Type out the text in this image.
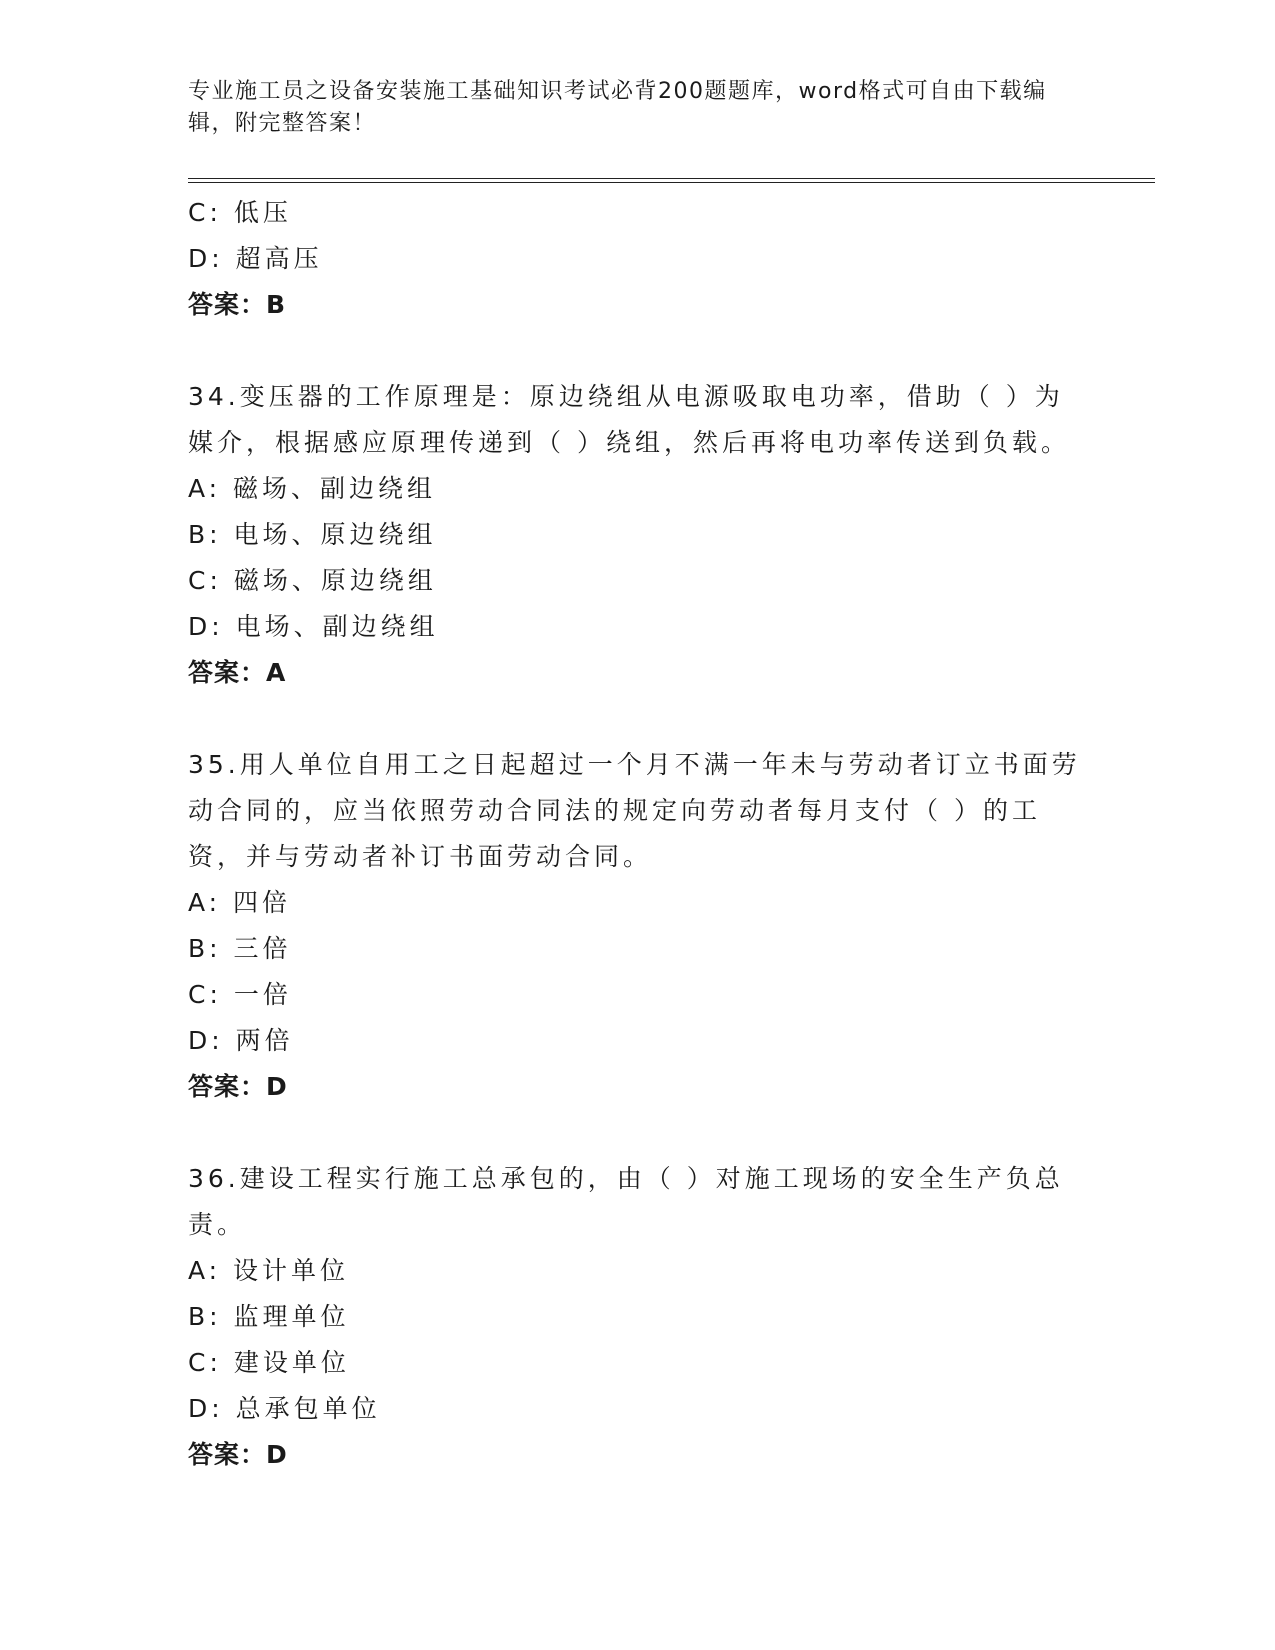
专业施工员之设备安装施工基础知识考试必背200题题库，word格式可自由下载编辑，附完整答案！
C: 低压
D: 超高压
答案：B
34.变压器的工作原理是：原边绕组从电源吸取电功率，借助（ ）为媒介，根据感应原理传递到（ ）绕组，然后再将电功率传送到负载。
A: 磁场、副边绕组
B: 电场、原边绕组
C: 磁场、原边绕组
D: 电场、副边绕组
答案：A
35.用人单位自用工之日起超过一个月不满一年未与劳动者订立书面劳动合同的，应当依照劳动合同法的规定向劳动者每月支付（ ）的工资，并与劳动者补订书面劳动合同。
A: 四倍
B: 三倍
C: 一倍
D: 两倍
答案：D
36.建设工程实行施工总承包的，由（ ）对施工现场的安全生产负总责。
A: 设计单位
B: 监理单位
C: 建设单位
D: 总承包单位
答案：D
